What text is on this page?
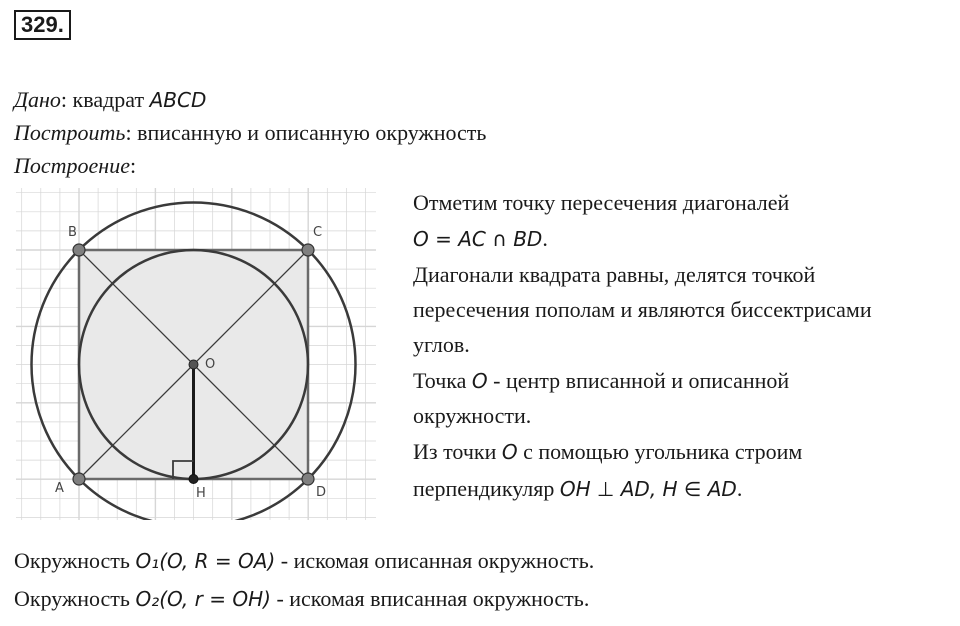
329.
Дано: квадрат ABCD
Построить: вписанную и описанную окружность
Построение:
B	C
A	D
O
H
Отметим точку пересечения диагоналей
O = AC ∩ BD.
Диагонали квадрата равны, делятся точкой
пересечения пополам и являются биссектрисами
углов.
Точка O - центр вписанной и описанной
окружности.
Из точки O с помощью угольника строим
перпендикуляр OH ⊥ AD, H ∈ AD.
Окружность O₁(O, R = OA) - искомая описанная окружность.
Окружность O₂(O, r = OH) - искомая вписанная окружность.
